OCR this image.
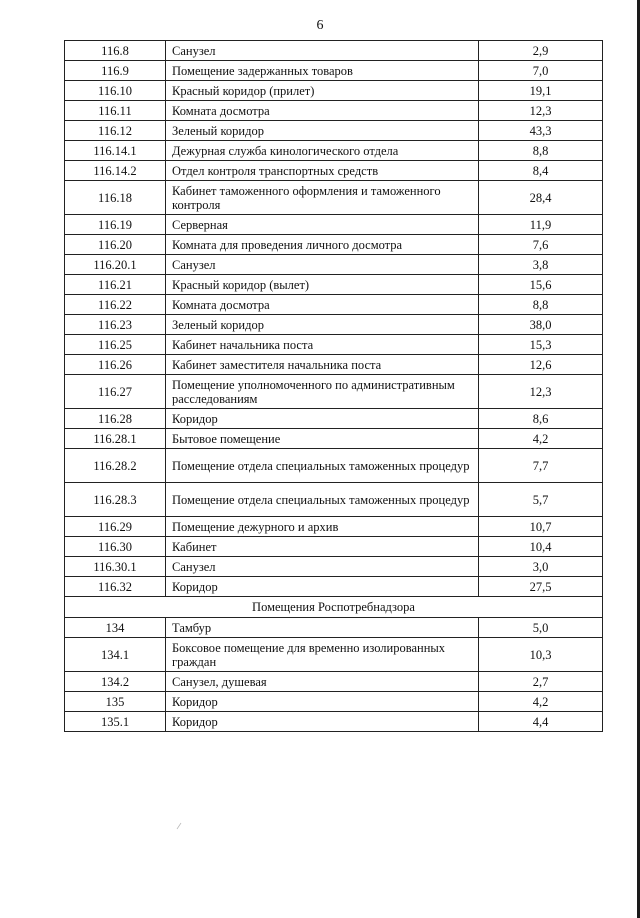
6
116.8	Санузел	2,9
116.9	Помещение задержанных товаров	7,0
116.10	Красный коридор (прилет)	19,1
116.11	Комната досмотра	12,3
116.12	Зеленый коридор	43,3
116.14.1	Дежурная служба кинологического отдела	8,8
116.14.2	Отдел контроля транспортных средств	8,4
116.18	Кабинет таможенного оформления и таможенного контроля	28,4
116.19	Серверная	11,9
116.20	Комната для проведения личного досмотра	7,6
116.20.1	Санузел	3,8
116.21	Красный коридор (вылет)	15,6
116.22	Комната досмотра	8,8
116.23	Зеленый коридор	38,0
116.25	Кабинет начальника поста	15,3
116.26	Кабинет заместителя начальника поста	12,6
116.27	Помещение уполномоченного по административным расследованиям	12,3
116.28	Коридор	8,6
116.28.1	Бытовое помещение	4,2
116.28.2	Помещение отдела специальных таможенных процедур	7,7
116.28.3	Помещение отдела специальных таможенных процедур	5,7
116.29	Помещение дежурного и архив	10,7
116.30	Кабинет	10,4
116.30.1	Санузел	3,0
116.32	Коридор	27,5
Помещения Роспотребнадзора		
134	Тамбур	5,0
134.1	Боксовое помещение для временно изолированных граждан	10,3
134.2	Санузел, душевая	2,7
135	Коридор	4,2
135.1	Коридор	4,4
